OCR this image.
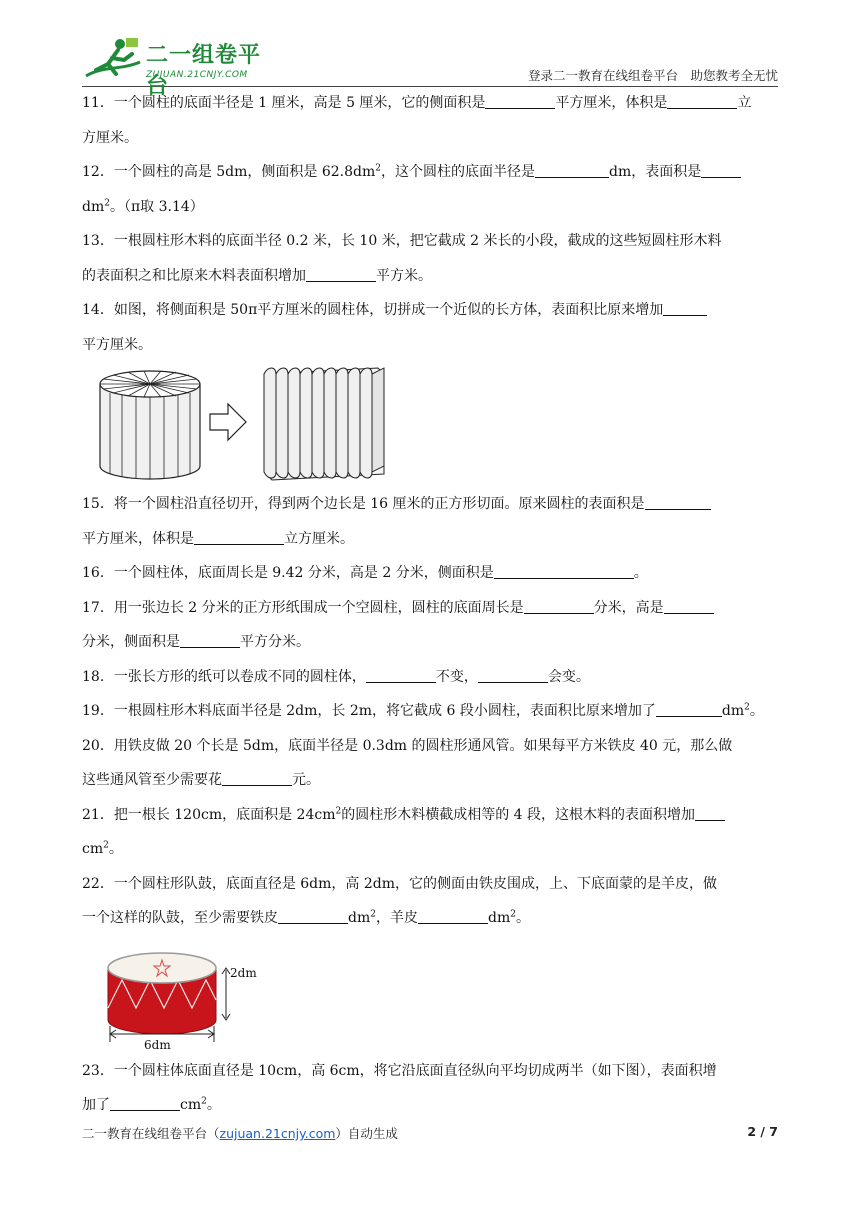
二一组卷平台
ZUJUAN.21CNJY.COM	登录二一教育在线组卷平台　助您教考全无忧
11．一个圆柱的底面半径是 1 厘米，高是 5 厘米，它的侧面积是	平方厘米，体积是	立
方厘米。
12．一个圆柱的高是 5dm，侧面积是 $62.8dm^2$，这个圆柱的底面半径是	dm，表面积是
$dm^2$。（π取 3.14）
13．一根圆柱形木料的底面半径 0.2 米，长 10 米，把它截成 2 米长的小段，截成的这些短圆柱形木料
的表面积之和比原来木料表面积增加	平方米。
14．如图，将侧面积是 50π平方厘米的圆柱体，切拼成一个近似的长方体，表面积比原来增加
平方厘米。
15．将一个圆柱沿直径切开，得到两个边长是 16 厘米的正方形切面。原来圆柱的表面积是
平方厘米，体积是	立方厘米。
16．一个圆柱体，底面周长是 9.42 分米，高是 2 分米，侧面积是	。
17．用一张边长 2 分米的正方形纸围成一个空圆柱，圆柱的底面周长是	分米，高是
分米，侧面积是	平方分米。
18．一张长方形的纸可以卷成不同的圆柱体，	不变，	会变。
19．一根圆柱形木料底面半径是 2dm，长 2m，将它截成 6 段小圆柱，表面积比原来增加了	$dm^2$。
20．用铁皮做 20 个长是 5dm，底面半径是 0.3dm 的圆柱形通风管。如果每平方米铁皮 40 元，那么做
这些通风管至少需要花	元。
21．把一根长 120cm，底面积是 $24cm^2$的圆柱形木料横截成相等的 4 段，这根木料的表面积增加
$cm^2$。
22．一个圆柱形队鼓，底面直径是 6dm，高 2dm，它的侧面由铁皮围成，上、下底面蒙的是羊皮，做
一个这样的队鼓，至少需要铁皮	$dm^2$，羊皮	$dm^2$。
2dm
6dm
23．一个圆柱体底面直径是 10cm，高 6cm，将它沿底面直径纵向平均切成两半（如下图），表面积增
加了	$cm^2$。
二一教育在线组卷平台（zujuan.21cnjy.com）自动生成	2 / 7
